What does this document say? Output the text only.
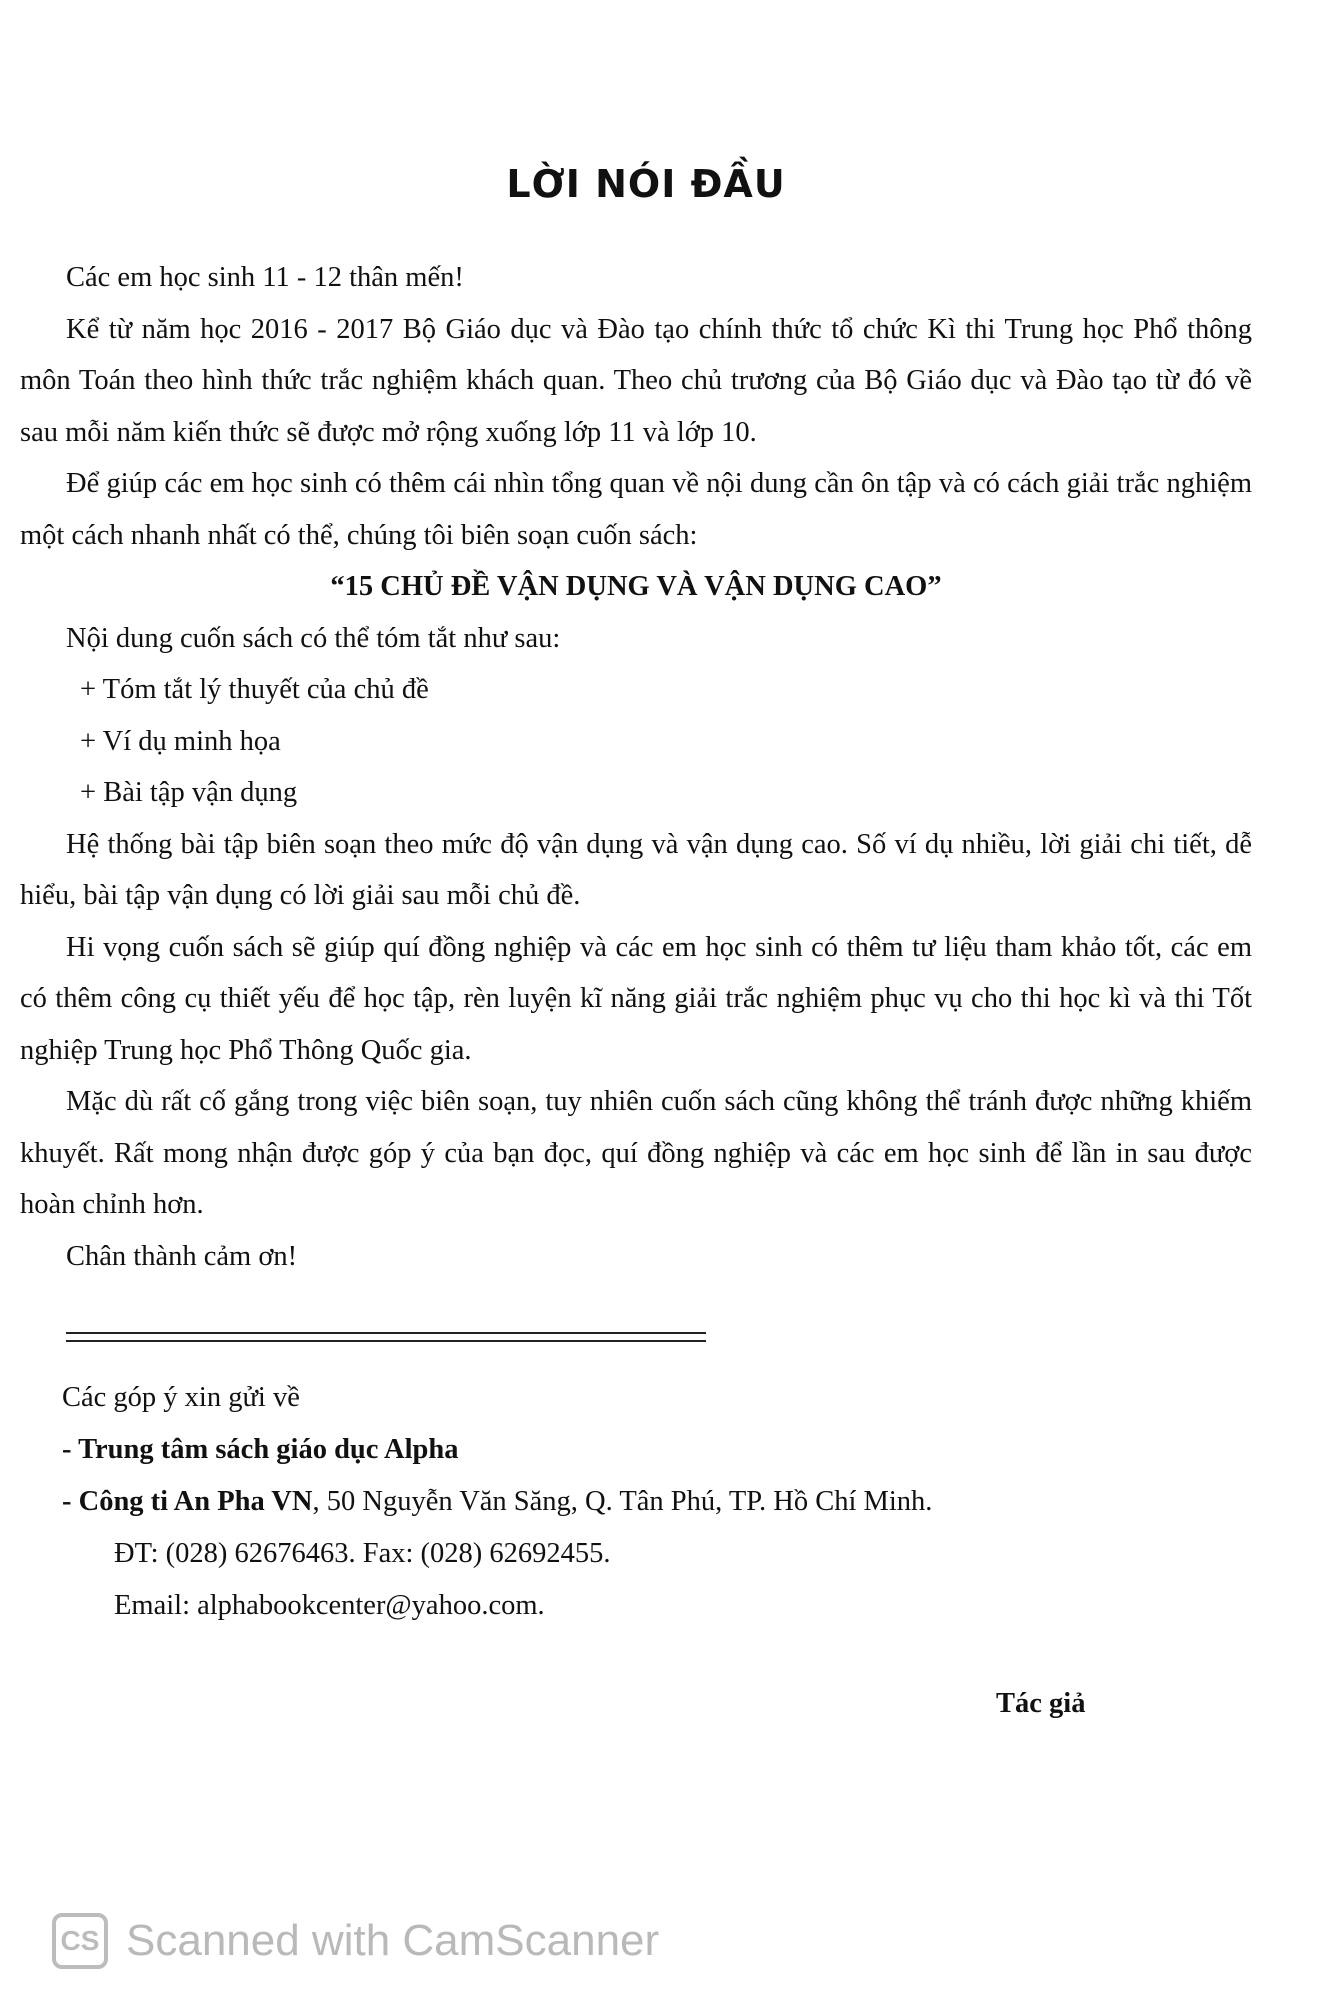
LỜI NÓI ĐẦU

Các em học sinh 11 - 12 thân mến!

Kể từ năm học 2016 - 2017 Bộ Giáo dục và Đào tạo chính thức tổ chức Kì thi Trung học Phổ thông môn Toán theo hình thức trắc nghiệm khách quan. Theo chủ trương của Bộ Giáo dục và Đào tạo từ đó về sau mỗi năm kiến thức sẽ được mở rộng xuống lớp 11 và lớp 10.

Để giúp các em học sinh có thêm cái nhìn tổng quan về nội dung cần ôn tập và có cách giải trắc nghiệm một cách nhanh nhất có thể, chúng tôi biên soạn cuốn sách:

“15 CHỦ ĐỀ VẬN DỤNG VÀ VẬN DỤNG CAO”

Nội dung cuốn sách có thể tóm tắt như sau:

+ Tóm tắt lý thuyết của chủ đề
+ Ví dụ minh họa
+ Bài tập vận dụng

Hệ thống bài tập biên soạn theo mức độ vận dụng và vận dụng cao. Số ví dụ nhiều, lời giải chi tiết, dễ hiểu, bài tập vận dụng có lời giải sau mỗi chủ đề.

Hi vọng cuốn sách sẽ giúp quí đồng nghiệp và các em học sinh có thêm tư liệu tham khảo tốt, các em có thêm công cụ thiết yếu để học tập, rèn luyện kĩ năng giải trắc nghiệm phục vụ cho thi học kì và thi Tốt nghiệp Trung học Phổ Thông Quốc gia.

Mặc dù rất cố gắng trong việc biên soạn, tuy nhiên cuốn sách cũng không thể tránh được những khiếm khuyết. Rất mong nhận được góp ý của bạn đọc, quí đồng nghiệp và các em học sinh để lần in sau được hoàn chỉnh hơn.

Chân thành cảm ơn!

Các góp ý xin gửi về

- Trung tâm sách giáo dục Alpha

- Công ti An Pha VN, 50 Nguyễn Văn Săng, Q. Tân Phú, TP. Hồ Chí Minh.

ĐT: (028) 62676463. Fax: (028) 62692455.

Email: alphabookcenter@yahoo.com.

Tác giả
CS Scanned with CamScanner
